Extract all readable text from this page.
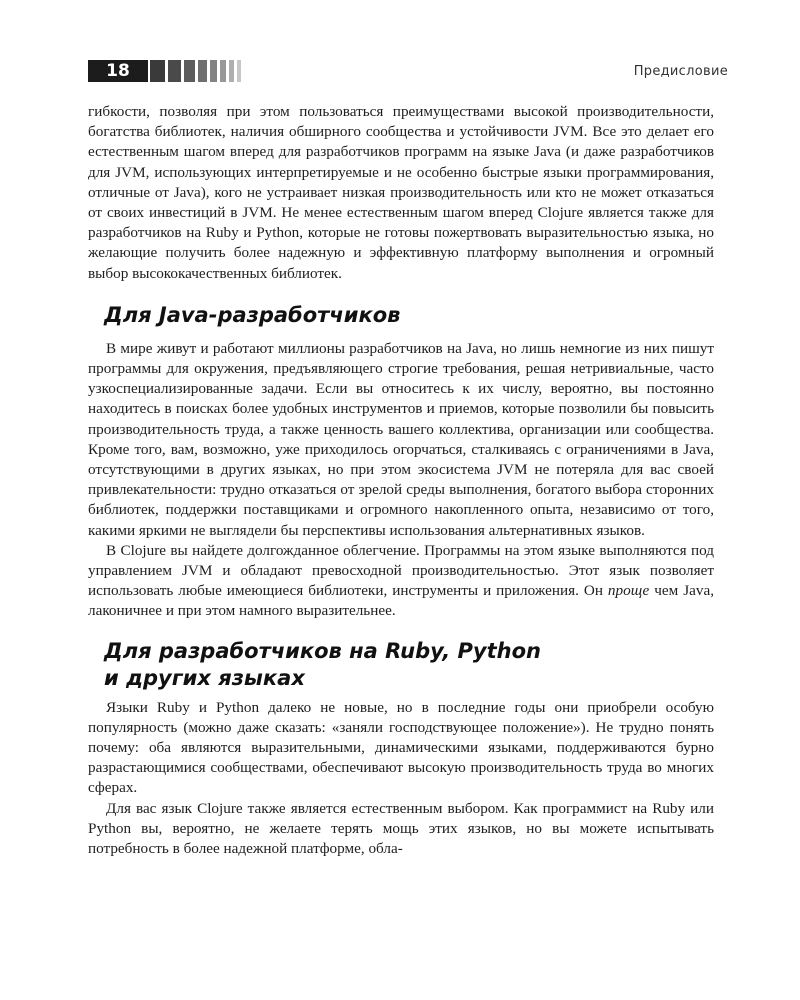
18	Предисловие

гибкости, позволяя при этом пользоваться преимуществами высокой производительности, богатства библиотек, наличия обширного сообщества и устойчивости JVM. Все это делает его естественным шагом вперед для разработчиков программ на языке Java (и даже разработчиков для JVM, использующих интерпретируемые и не особенно быстрые языки программирования, отличные от Java), кого не устраивает низкая производительность или кто не может отказаться от своих инвестиций в JVM. Не менее естественным шагом вперед Clojure является также для разработчиков на Ruby и Python, которые не готовы пожертвовать выразительностью языка, но желающие получить более надежную и эффективную платформу выполнения и огромный выбор высококачественных библиотек.

Для Java-разработчиков

В мире живут и работают миллионы разработчиков на Java, но лишь немногие из них пишут программы для окружения, предъявляющего строгие требования, решая нетривиальные, часто узкоспециализированные задачи. Если вы относитесь к их числу, вероятно, вы постоянно находитесь в поисках более удобных инструментов и приемов, которые позволили бы повысить производительность труда, а также ценность вашего коллектива, организации или сообщества. Кроме того, вам, возможно, уже приходилось огорчаться, сталкиваясь с ограничениями в Java, отсутствующими в других языках, но при этом экосистема JVM не потеряла для вас своей привлекательности: трудно отказаться от зрелой среды выполнения, богатого выбора сторонних библиотек, поддержки поставщиками и огромного накопленного опыта, независимо от того, какими яркими не выглядели бы перспективы использования альтернативных языков.

В Clojure вы найдете долгожданное облегчение. Программы на этом языке выполняются под управлением JVM и обладают превосходной производительностью. Этот язык позволяет использовать любые имеющиеся библиотеки, инструменты и приложения. Он проще чем Java, лаконичнее и при этом намного выразительнее.

Для разработчиков на Ruby, Python
и других языках

Языки Ruby и Python далеко не новые, но в последние годы они приобрели особую популярность (можно даже сказать: «заняли господствующее положение»). Не трудно понять почему: оба являются выразительными, динамическими языками, поддерживаются бурно разрастающимися сообществами, обеспечивают высокую производительность труда во многих сферах.

Для вас язык Clojure также является естественным выбором. Как программист на Ruby или Python вы, вероятно, не желаете терять мощь этих языков, но вы можете испытывать потребность в более надежной платформе, обла-
